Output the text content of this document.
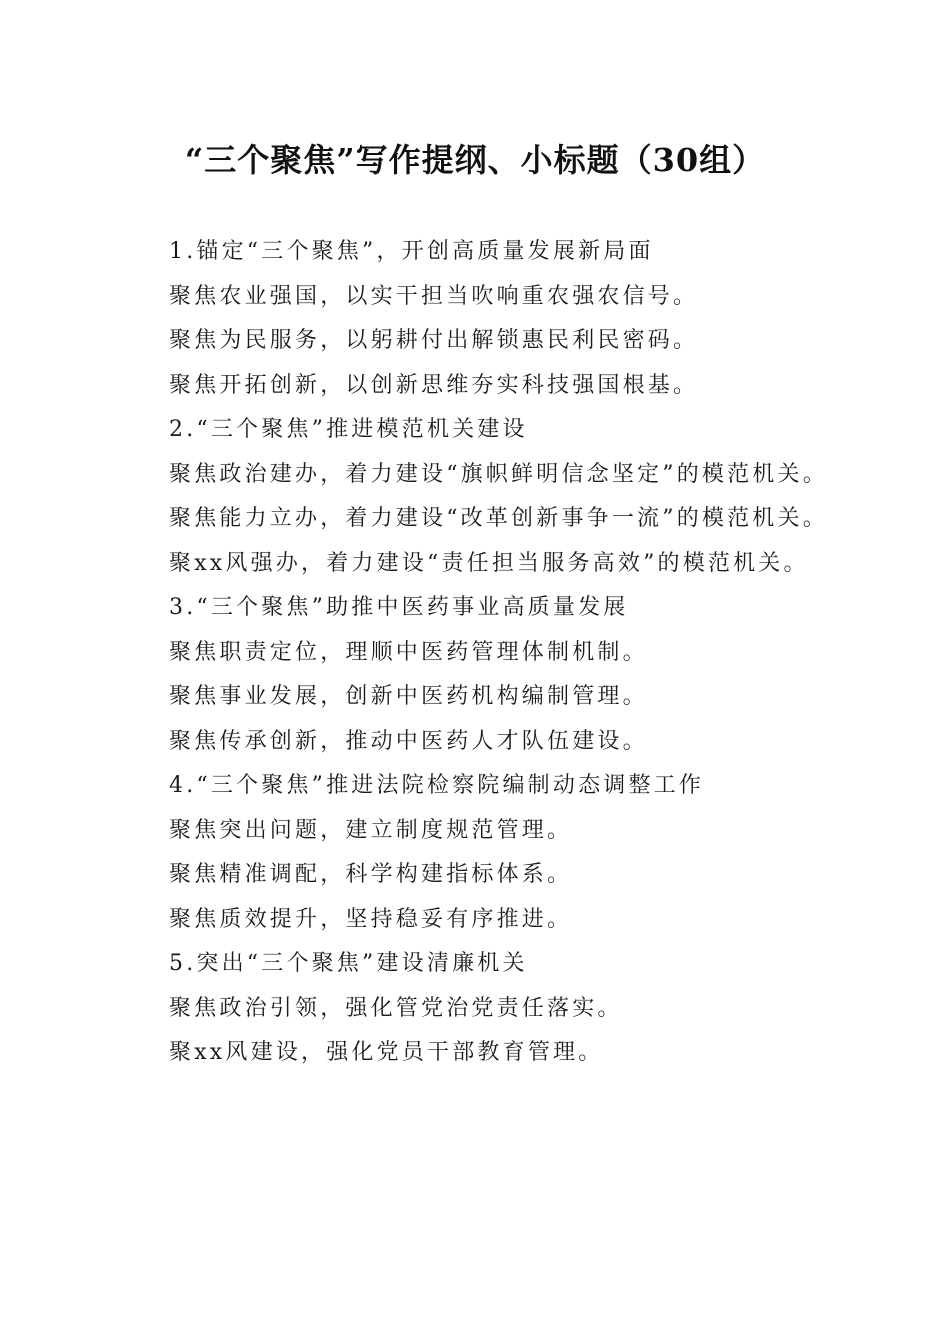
“三个聚焦”写作提纲、小标题（30组）

1.锚定“三个聚焦”，开创高质量发展新局面

聚焦农业强国，以实干担当吹响重农强农信号。

聚焦为民服务，以躬耕付出解锁惠民利民密码。

聚焦开拓创新，以创新思维夯实科技强国根基。

2.“三个聚焦”推进模范机关建设

聚焦政治建办，着力建设“旗帜鲜明信念坚定”的模范机关。

聚焦能力立办，着力建设“改革创新事争一流”的模范机关。

聚xx风强办，着力建设“责任担当服务高效”的模范机关。

3.“三个聚焦”助推中医药事业高质量发展

聚焦职责定位，理顺中医药管理体制机制。

聚焦事业发展，创新中医药机构编制管理。

聚焦传承创新，推动中医药人才队伍建设。

4.“三个聚焦”推进法院检察院编制动态调整工作

聚焦突出问题，建立制度规范管理。

聚焦精准调配，科学构建指标体系。

聚焦质效提升，坚持稳妥有序推进。

5.突出“三个聚焦”建设清廉机关

聚焦政治引领，强化管党治党责任落实。

聚xx风建设，强化党员干部教育管理。
